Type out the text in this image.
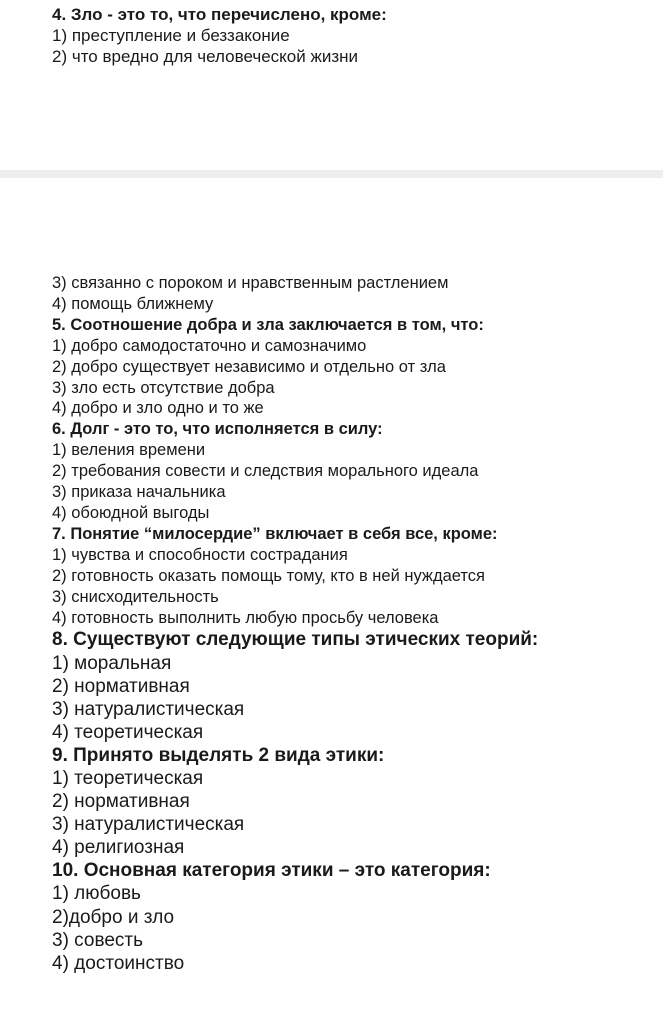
4. Зло - это то, что перечислено, кроме:

1) преступление и беззаконие

2) что вредно для человеческой жизни

3) связанно с пороком и нравственным растлением

4) помощь ближнему

5. Соотношение добра и зла заключается в том, что:

1) добро самодостаточно и самозначимо

2) добро существует независимо и отдельно от зла

3) зло есть отсутствие добра

4) добро и зло одно и то же

6. Долг - это то, что исполняется в силу:

1) веления времени

2) требования совести и следствия морального идеала

3) приказа начальника

4) обоюдной выгоды

7. Понятие “милосердие” включает в себя все, кроме:

1) чувства и способности сострадания

2) готовность оказать помощь тому, кто в ней нуждается

3) снисходительность

4) готовность выполнить любую просьбу человека

8. Существуют следующие типы этических теорий:

1) моральная

2) нормативная

3) натуралистическая

4) теоретическая

9. Принято выделять 2 вида этики:

1) теоретическая

2) нормативная

3) натуралистическая

4) религиозная

10. Основная категория этики – это категория:

1) любовь

2)добро и зло

3) совесть

4) достоинство
